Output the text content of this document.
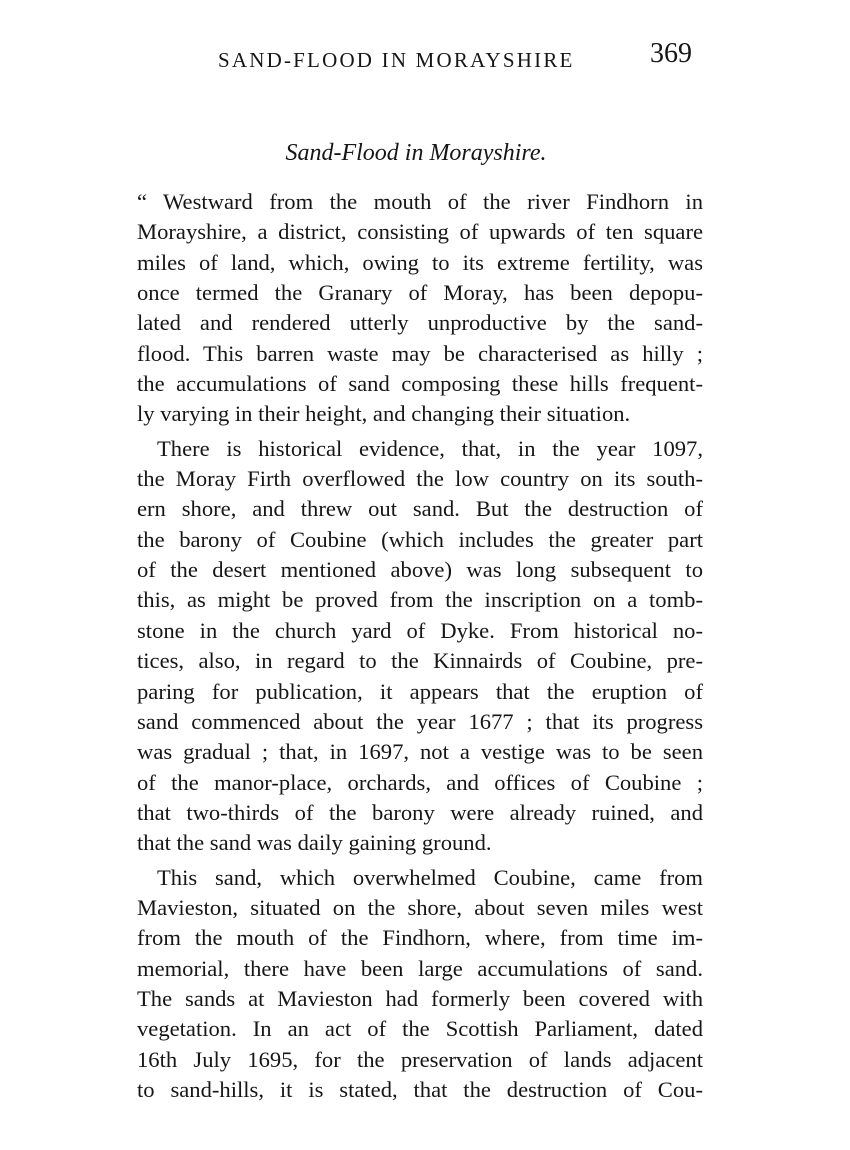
SAND-FLOOD IN MORAYSHIRE	369
Sand-Flood in Morayshire.
“ Westward from the mouth of the river Findhorn in
Morayshire, a district, consisting of upwards of ten square
miles of land, which, owing to its extreme fertility, was
once termed the Granary of Moray, has been depopu-
lated and rendered utterly unproductive by the sand-
flood. This barren waste may be characterised as hilly ;
the accumulations of sand composing these hills frequent-
ly varying in their height, and changing their situation.
There is historical evidence, that, in the year 1097,
the Moray Firth overflowed the low country on its south-
ern shore, and threw out sand. But the destruction of
the barony of Coubine (which includes the greater part
of the desert mentioned above) was long subsequent to
this, as might be proved from the inscription on a tomb-
stone in the church yard of Dyke. From historical no-
tices, also, in regard to the Kinnairds of Coubine, pre-
paring for publication, it appears that the eruption of
sand commenced about the year 1677 ; that its progress
was gradual ; that, in 1697, not a vestige was to be seen
of the manor-place, orchards, and offices of Coubine ;
that two-thirds of the barony were already ruined, and
that the sand was daily gaining ground.
This sand, which overwhelmed Coubine, came from
Mavieston, situated on the shore, about seven miles west
from the mouth of the Findhorn, where, from time im-
memorial, there have been large accumulations of sand.
The sands at Mavieston had formerly been covered with
vegetation. In an act of the Scottish Parliament, dated
16th July 1695, for the preservation of lands adjacent
to sand-hills, it is stated, that the destruction of Cou-
